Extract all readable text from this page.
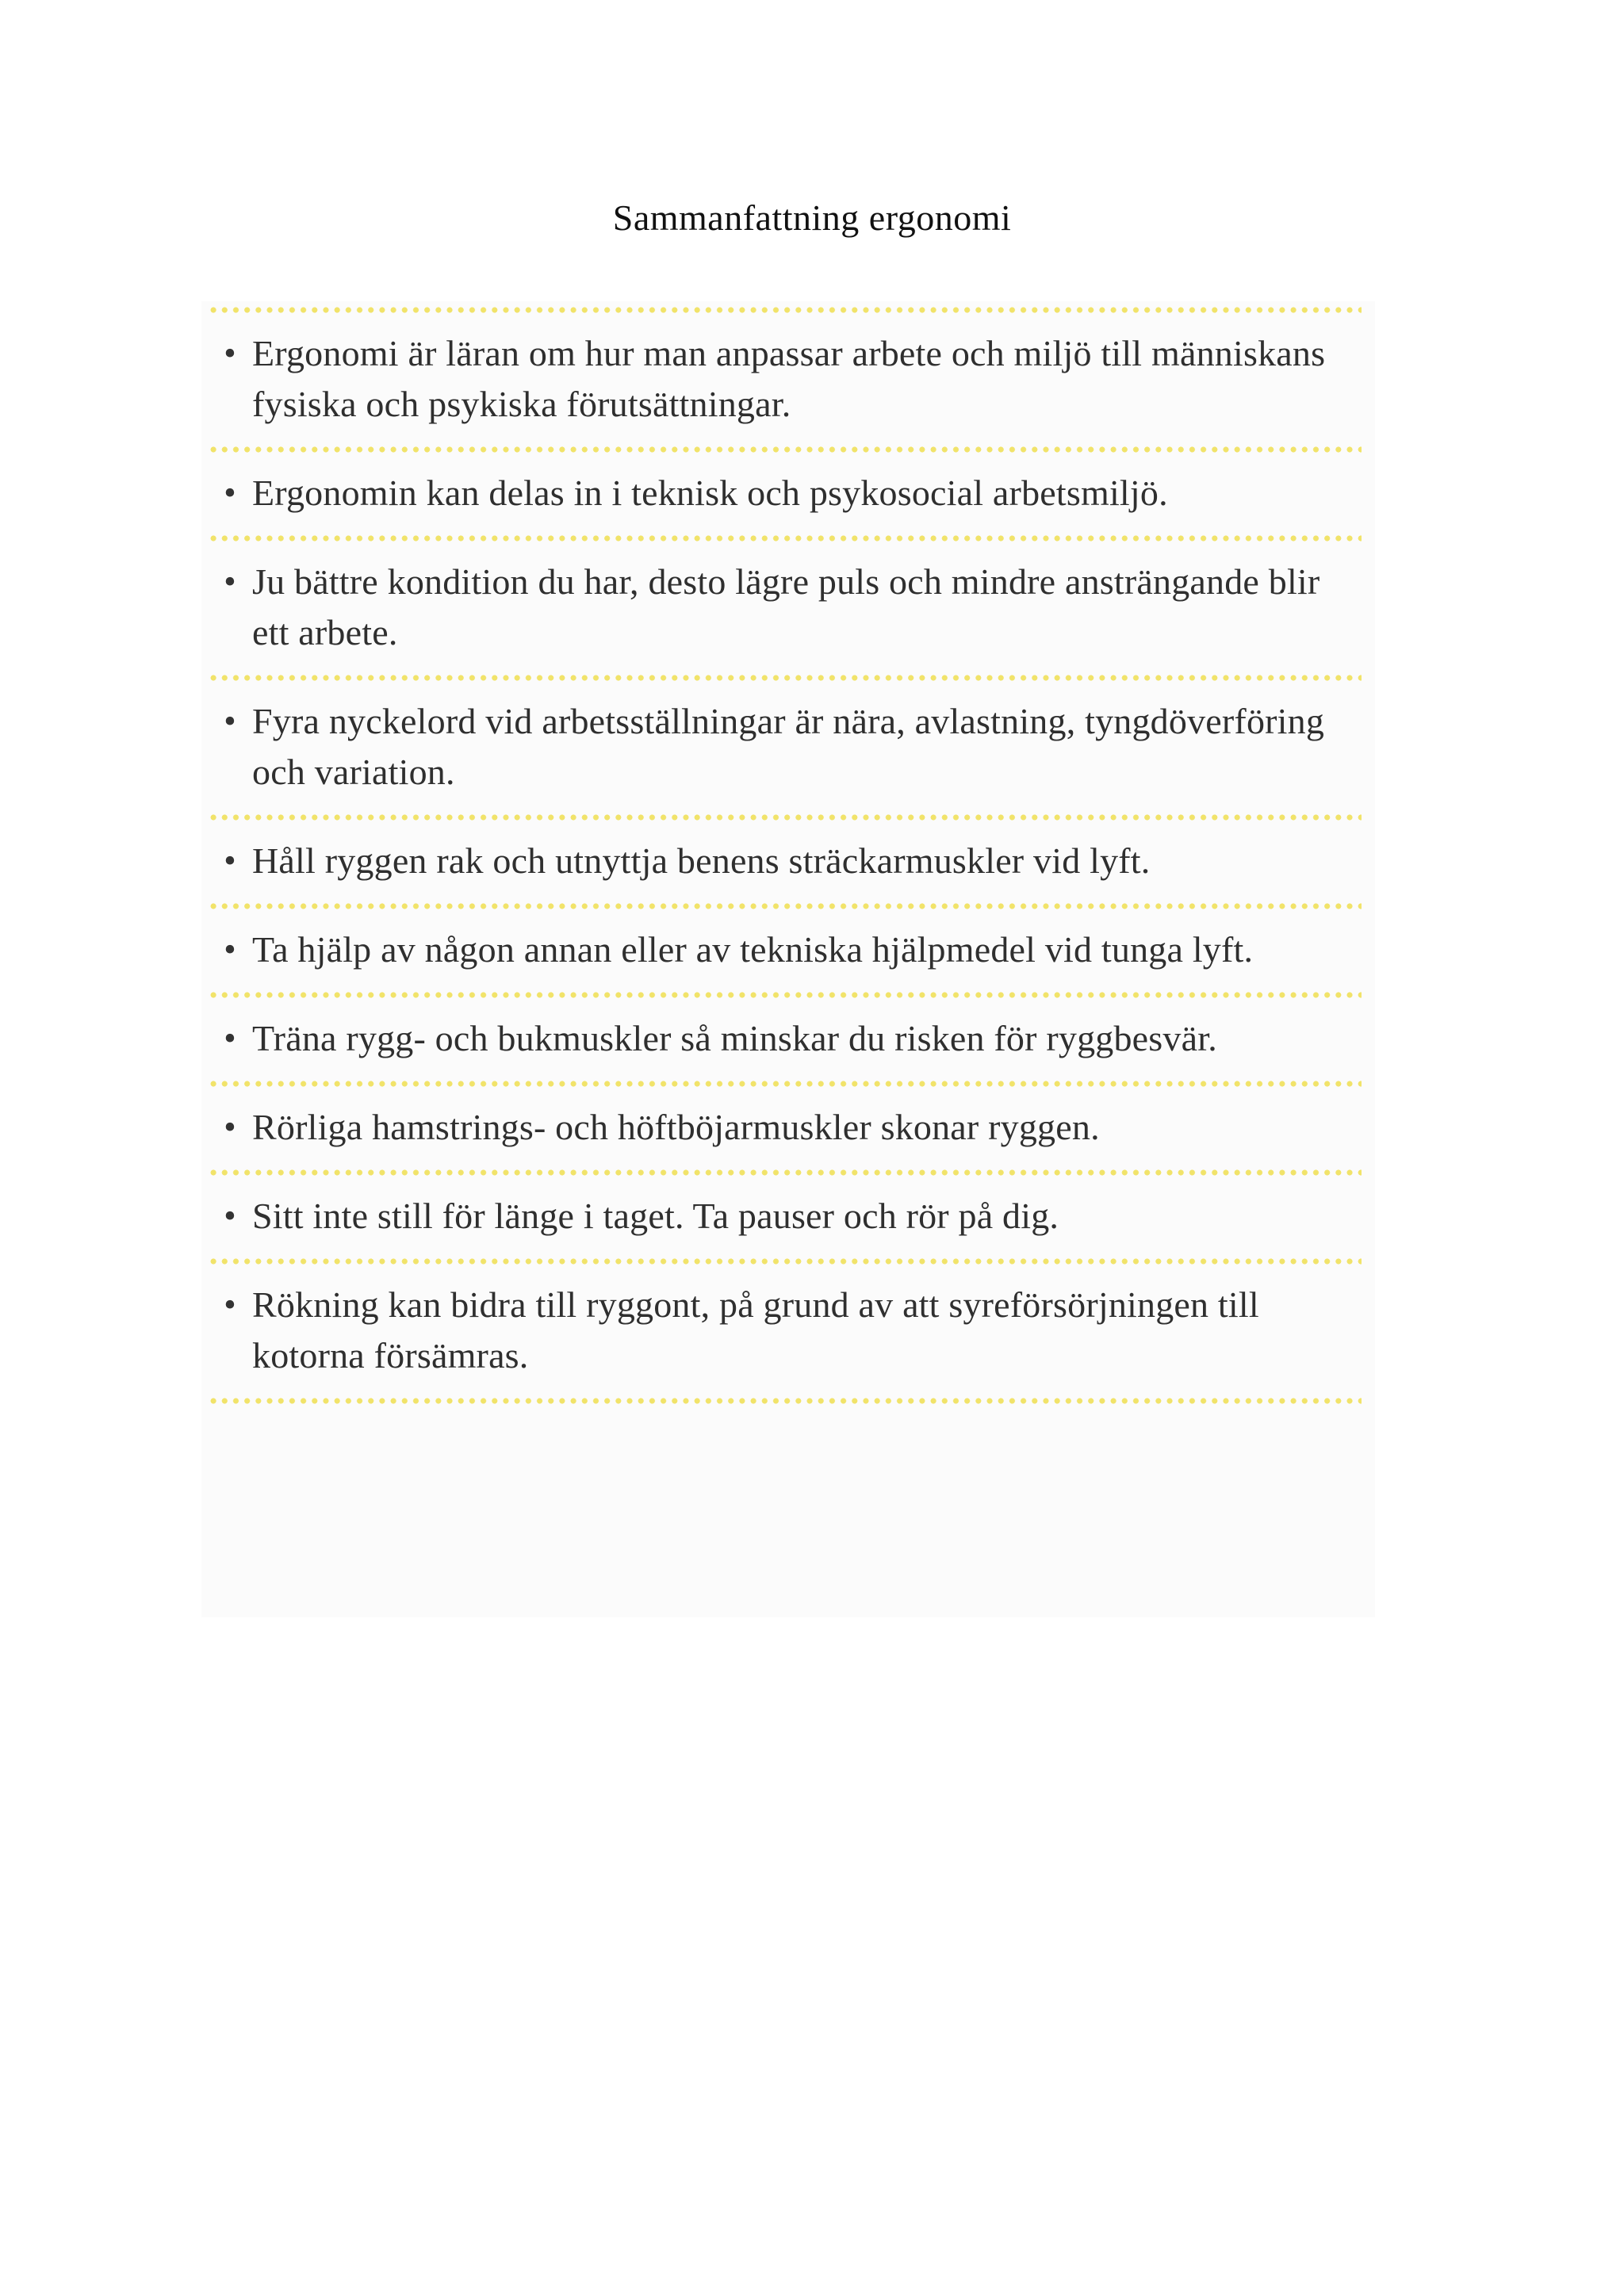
Sammanfattning ergonomi
• Ergonomi är läran om hur man anpassar arbete och miljö till människans fysiska och psykiska förutsättningar.
• Ergonomin kan delas in i teknisk och psykosocial arbetsmiljö.
• Ju bättre kondition du har, desto lägre puls och mindre ansträngande blir ett arbete.
• Fyra nyckelord vid arbetsställningar är nära, avlastning, tyngdöverföring och variation.
• Håll ryggen rak och utnyttja benens sträckarmuskler vid lyft.
• Ta hjälp av någon annan eller av tekniska hjälpmedel vid tunga lyft.
• Träna rygg- och bukmuskler så minskar du risken för ryggbesvär.
• Rörliga hamstrings- och höftböjarmuskler skonar ryggen.
• Sitt inte still för länge i taget. Ta pauser och rör på dig.
• Rökning kan bidra till ryggont, på grund av att syreförsörjningen till kotorna försämras.
